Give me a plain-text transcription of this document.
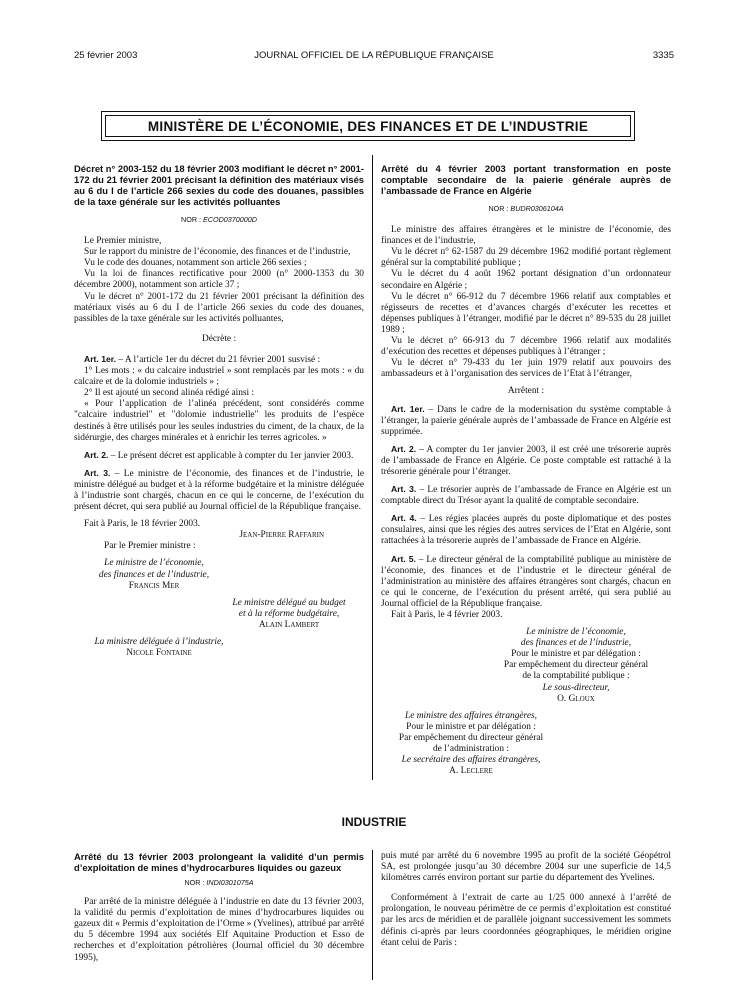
25 février 2003	JOURNAL OFFICIEL DE LA RÉPUBLIQUE FRANÇAISE	3335
MINISTÈRE DE L’ÉCONOMIE, DES FINANCES ET DE L’INDUSTRIE
Décret n° 2003-152 du 18 février 2003 modifiant le décret n° 2001-172 du 21 février 2001 précisant la définition des matériaux visés au 6 du I de l’article 266 sexies du code des douanes, passibles de la taxe générale sur les activités polluantes
NOR : ECOD0370000D

Le Premier ministre,

Sur le rapport du ministre de l’économie, des finances et de l’industrie,

Vu le code des douanes, notamment son article 266 sexies ;

Vu la loi de finances rectificative pour 2000 (n° 2000-1353 du 30 décembre 2000), notamment son article 37 ;

Vu le décret n° 2001-172 du 21 février 2001 précisant la définition des matériaux visés au 6 du I de l’article 266 sexies du code des douanes, passibles de la taxe générale sur les activités polluantes,

Décrète :

Art. 1er. – A l’article 1er du décret du 21 février 2001 susvisé :

1° Les mots : « du calcaire industriel » sont remplacés par les mots : « du calcaire et de la dolomie industriels » ;

2° Il est ajouté un second alinéa rédigé ainsi :

« Pour l’application de l’alinéa précédent, sont considérés comme "calcaire industriel" et "dolomie industrielle" les produits de l’espèce destinés à être utilisés pour les seules industries du ciment, de la chaux, de la sidérurgie, des charges minérales et à enrichir les terres agricoles. »

Art. 2. – Le présent décret est applicable à compter du 1er janvier 2003.

Art. 3. – Le ministre de l’économie, des finances et de l’industrie, le ministre délégué au budget et à la réforme budgétaire et la ministre déléguée à l’industrie sont chargés, chacun en ce qui le concerne, de l’exécution du présent décret, qui sera publié au Journal officiel de la République française.

Fait à Paris, le 18 février 2003.

Jean-Pierre Raffarin
Par le Premier ministre :
Le ministre de l’économie,
des finances et de l’industrie,
Francis Mer
Le ministre délégué au budget
et à la réforme budgétaire,
Alain Lambert
La ministre déléguée à l’industrie,
Nicole Fontaine
Arrêté du 4 février 2003 portant transformation en poste comptable secondaire de la paierie générale auprès de l’ambassade de France en Algérie
NOR : BUDR0306104A

Le ministre des affaires étrangères et le ministre de l’économie, des finances et de l’industrie,

Vu le décret n° 62-1587 du 29 décembre 1962 modifié portant règlement général sur la comptabilité publique ;

Vu le décret du 4 août 1962 portant désignation d’un ordonnateur secondaire en Algérie ;

Vu le décret n° 66-912 du 7 décembre 1966 relatif aux comptables et régisseurs de recettes et d’avances chargés d’exécuter les recettes et dépenses publiques à l’étranger, modifié par le décret n° 89-535 du 28 juillet 1989 ;

Vu le décret n° 66-913 du 7 décembre 1966 relatif aux modalités d’exécution des recettes et dépenses publiques à l’étranger ;

Vu le décret n° 79-433 du 1er juin 1979 relatif aux pouvoirs des ambassadeurs et à l’organisation des services de l’Etat à l’étranger,

Arrêtent :

Art. 1er. – Dans le cadre de la modernisation du système comptable à l’étranger, la paierie générale auprès de l’ambassade de France en Algérie est supprimée.

Art. 2. – A compter du 1er janvier 2003, il est créé une trésorerie auprès de l’ambassade de France en Algérie. Ce poste comptable est rattaché à la trésorerie générale pour l’étranger.

Art. 3. – Le trésorier auprès de l’ambassade de France en Algérie est un comptable direct du Trésor ayant la qualité de comptable secondaire.

Art. 4. – Les régies placées auprès du poste diplomatique et des postes consulaires, ainsi que les régies des autres services de l’Etat en Algérie, sont rattachées à la trésorerie auprès de l’ambassade de France en Algérie.

Art. 5. – Le directeur général de la comptabilité publique au ministère de l’économie, des finances et de l’industrie et le directeur général de l’administration au ministère des affaires étrangères sont chargés, chacun en ce qui le concerne, de l’exécution du présent arrêté, qui sera publié au Journal officiel de la République française.

Fait à Paris, le 4 février 2003.

Le ministre de l’économie,
des finances et de l’industrie,
Pour le ministre et par délégation :
Par empêchement du directeur général
de la comptabilité publique :
Le sous-directeur,
O. Gloux
Le ministre des affaires étrangères,
Pour le ministre et par délégation :
Par empêchement du directeur général
de l’administration :
Le secrétaire des affaires étrangères,
A. Leclere
INDUSTRIE
Arrêté du 13 février 2003 prolongeant la validité d’un permis d’exploitation de mines d’hydrocarbures liquides ou gazeux
NOR : INDI0301075A

Par arrêté de la ministre déléguée à l’industrie en date du 13 février 2003, la validité du permis d’exploitation de mines d’hydrocarbures liquides ou gazeux dit « Permis d’exploitation de l’Orme » (Yvelines), attribué par arrêté du 5 décembre 1994 aux sociétés Elf Aquitaine Production et Esso de recherches et d’exploitation pétrolières (Journal officiel du 30 décembre 1995),

puis muté par arrêté du 6 novembre 1995 au profit de la société Géopétrol SA, est prolongée jusqu’au 30 décembre 2004 sur une superficie de 14,5 kilomètres carrés environ portant sur partie du département des Yvelines.

Conformément à l’extrait de carte au 1/25 000 annexé à l’arrêté de prolongation, le nouveau périmètre de ce permis d’exploitation est constitué par les arcs de méridien et de parallèle joignant successivement les sommets définis ci-après par leurs coordonnées géographiques, le méridien origine étant celui de Paris :
